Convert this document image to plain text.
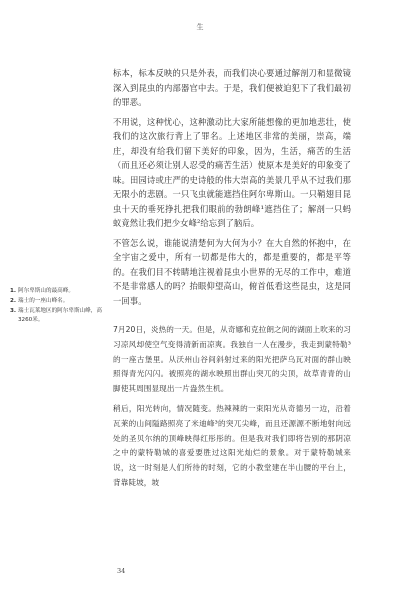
生

标本，标本反映的只是外表，而我们决心要通过解剖刀和显微镜深入到昆虫的内部器官中去。于是，我们便被迫犯下了我们最初的罪恶。

不用说，这种忧心，这种激动比大家所能想像的更加地悲壮，使我们的这次旅行背上了罪名。上述地区非常的美丽，崇高，端庄，却没有给我们留下美好的印象，因为，生活，痛苦的生活（而且还必须让别人忍受的痛苦生活）使原本是美好的印象变了味。田园诗或庄严的史诗般的伟大崇高的美景几乎从不过我们那无限小的悲剧。一只飞虫就能遮挡住阿尔卑斯山。一只鞘翅目昆虫十天的垂死挣扎把我们眼前的勃朗峰¹遮挡住了；解剖一只蚂蚁竟然让我们把少女峰²给忘到了脑后。

不管怎么说，谁能说清楚何为大何为小？在大自然的怀抱中，在全宇宙之爱中，所有一切都是伟大的，都是重要的，都是平等的。在我们目不转睛地注视着昆虫小世界的无尽的工作中，难道不是非常感人的吗？抬眼仰望高山，俯首低看这些昆虫，这是同一回事。

7月20日，炎热的一天。但是，从奇娜和克拉朗之间的湖面上吹来的习习凉风却使空气变得清新而凉爽。我独自一人在漫步，我走到蒙特勒³的一座古堡里。从沃州山谷间斜射过来的阳光把萨乌瓦对面的群山映照得青光闪闪。被照亮的湖水映照出群山突兀的尖顶，故草青青的山脚使其周围显现出一片盎然生机。

稍后，阳光转向，情况随变。热辣辣的一束阳光从奇德另一边，沿着瓦莱的山间隘路照亮了米迪峰³的突兀尖峰，而且还源源不断地射向远处的圣贝尔纳的顶峰映得红彤彤的。但是我对我们即将告别的那阴凉之中的蒙特勒城的喜爱要胜过这阳光灿烂的景象。对于蒙特勒城来说，这一时刻是人们所待的时刻，它的小教堂建在半山腰的平台上，背靠陡坡，坡

1. 阿尔卑斯山的最高峰。
2. 瑞士的一座山峰名。
3. 瑞士瓦莱地区的阿尔卑斯山峰，高3260米。
34
